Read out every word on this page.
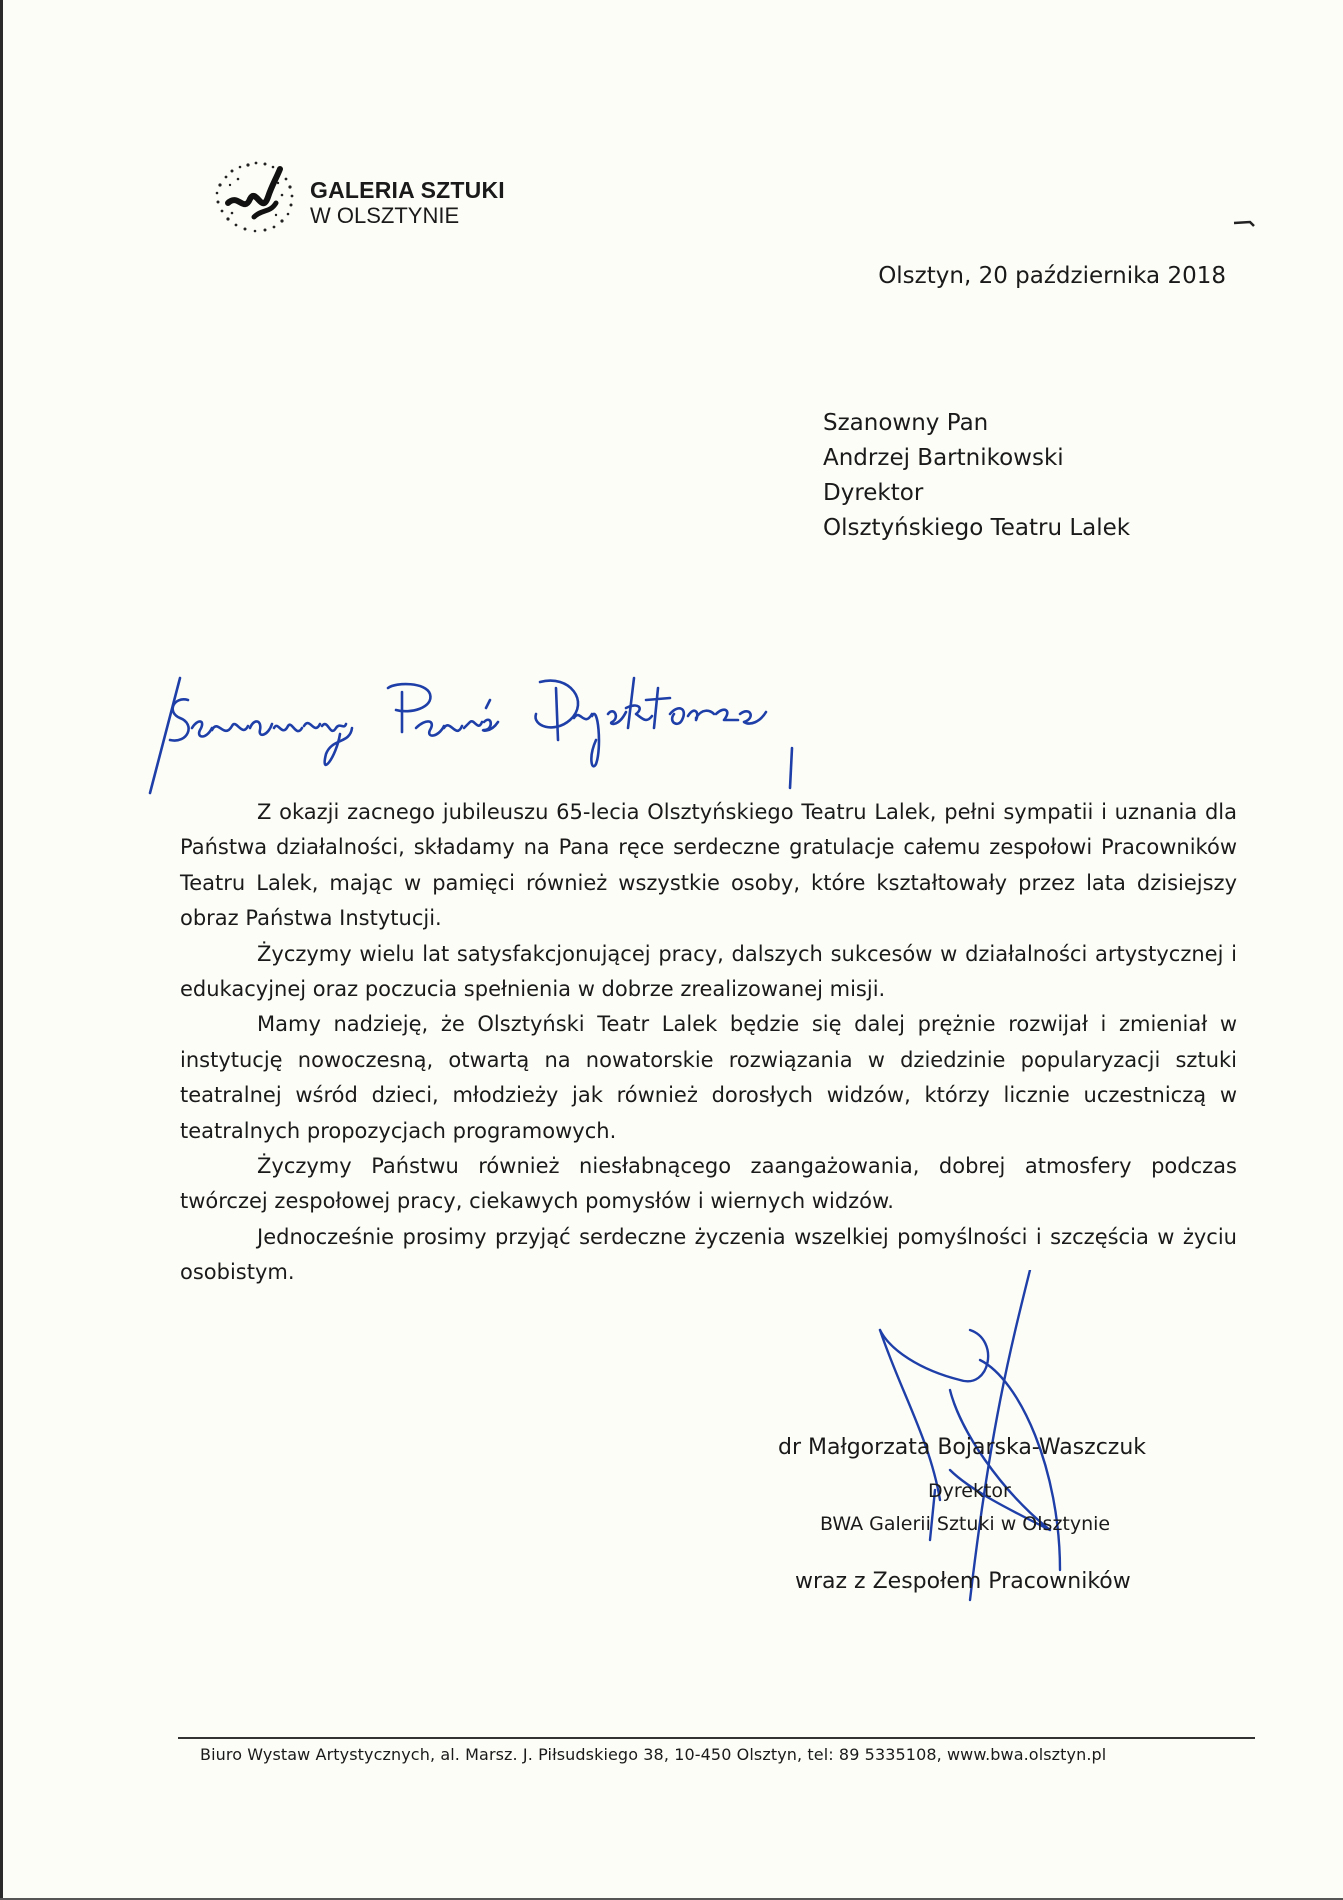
GALERIA SZTUKI
W OLSZTYNIE
Olsztyn, 20 października 2018
Szanowny Pan
Andrzej Bartnikowski
Dyrektor
Olsztyńskiego Teatru Lalek

Z okazji zacnego jubileuszu 65-lecia Olsztyńskiego Teatru Lalek, pełni sympatii i uznania dla Państwa działalności, składamy na Pana ręce serdeczne gratulacje całemu zespołowi Pracowników Teatru Lalek, mając w pamięci również wszystkie osoby, które kształtowały przez lata dzisiejszy obraz Państwa Instytucji.

Życzymy wielu lat satysfakcjonującej pracy, dalszych sukcesów w działalności artystycznej i edukacyjnej oraz poczucia spełnienia w dobrze zrealizowanej misji.

Mamy nadzieję, że Olsztyński Teatr Lalek będzie się dalej prężnie rozwijał i zmieniał w instytucję nowoczesną, otwartą na nowatorskie rozwiązania w dziedzinie popularyzacji sztuki teatralnej wśród dzieci, młodzieży jak również dorosłych widzów, którzy licznie uczestniczą w teatralnych propozycjach programowych.

Życzymy Państwu również niesłabnącego zaangażowania, dobrej atmosfery podczas twórczej zespołowej pracy, ciekawych pomysłów i wiernych widzów.

Jednocześnie prosimy przyjąć serdeczne życzenia wszelkiej pomyślności i szczęścia w życiu osobistym.

dr Małgorzata Bojarska-Waszczuk
Dyrektor
BWA Galerii Sztuki w Olsztynie
wraz z Zespołem Pracowników
Biuro Wystaw Artystycznych, al. Marsz. J. Piłsudskiego 38, 10-450 Olsztyn, tel: 89 5335108, www.bwa.olsztyn.pl
